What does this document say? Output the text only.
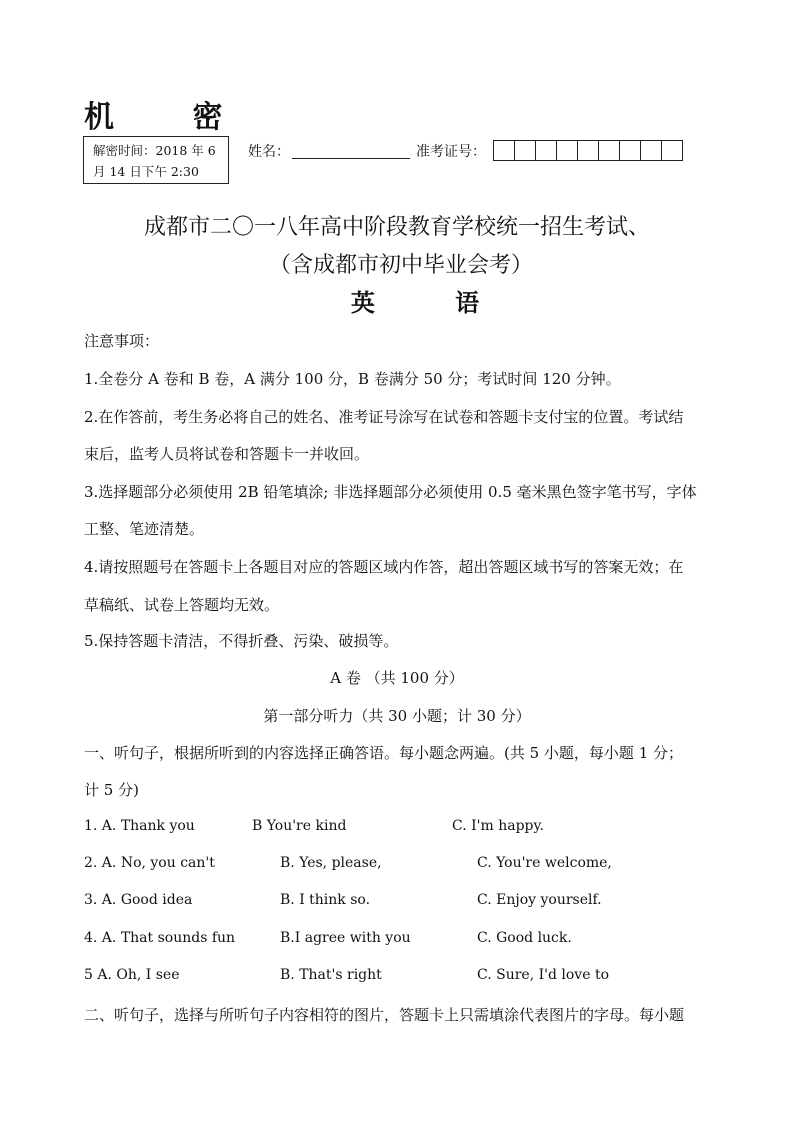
机 密
解密时间：2018 年 6
月 14 日下午 2:30
姓名：	准考证号：
成都市二〇一八年高中阶段教育学校统一招生考试、
（含成都市初中毕业会考）
英 语
注意事项：
1.全卷分 A 卷和 B 卷，A 满分 100 分，B 卷满分 50 分；考试时间 120 分钟。
2.在作答前，考生务必将自己的姓名、准考证号涂写在试卷和答题卡支付宝的位置。考试结
束后，监考人员将试卷和答题卡一并收回。
3.选择题部分必须使用 2B 铅笔填涂; 非选择题部分必须使用 0.5 毫米黑色签字笔书写，字体
工整、笔迹清楚。
4.请按照题号在答题卡上各题目对应的答题区域内作答，超出答题区域书写的答案无效；在
草稿纸、试卷上答题均无效。
5.保持答题卡清洁，不得折叠、污染、破损等。
A 卷 （共 100 分）
第一部分听力（共 30 小题；计 30 分）
一、听句子，根据所听到的内容选择正确答语。每小题念两遍。(共 5 小题，每小题 1 分；
计 5 分)
1. A. Thank you	B You're kind	C. I'm happy.
2. A. No, you can't	B. Yes, please,	C. You're welcome,
3. A. Good idea	B. I think so.	C. Enjoy yourself.
4. A. That sounds fun	B.I agree with you	C. Good luck.
5 A. Oh, I see	B. That's right	C. Sure, I'd love to
二、听句子，选择与所听句子内容相符的图片，答题卡上只需填涂代表图片的字母。每小题
